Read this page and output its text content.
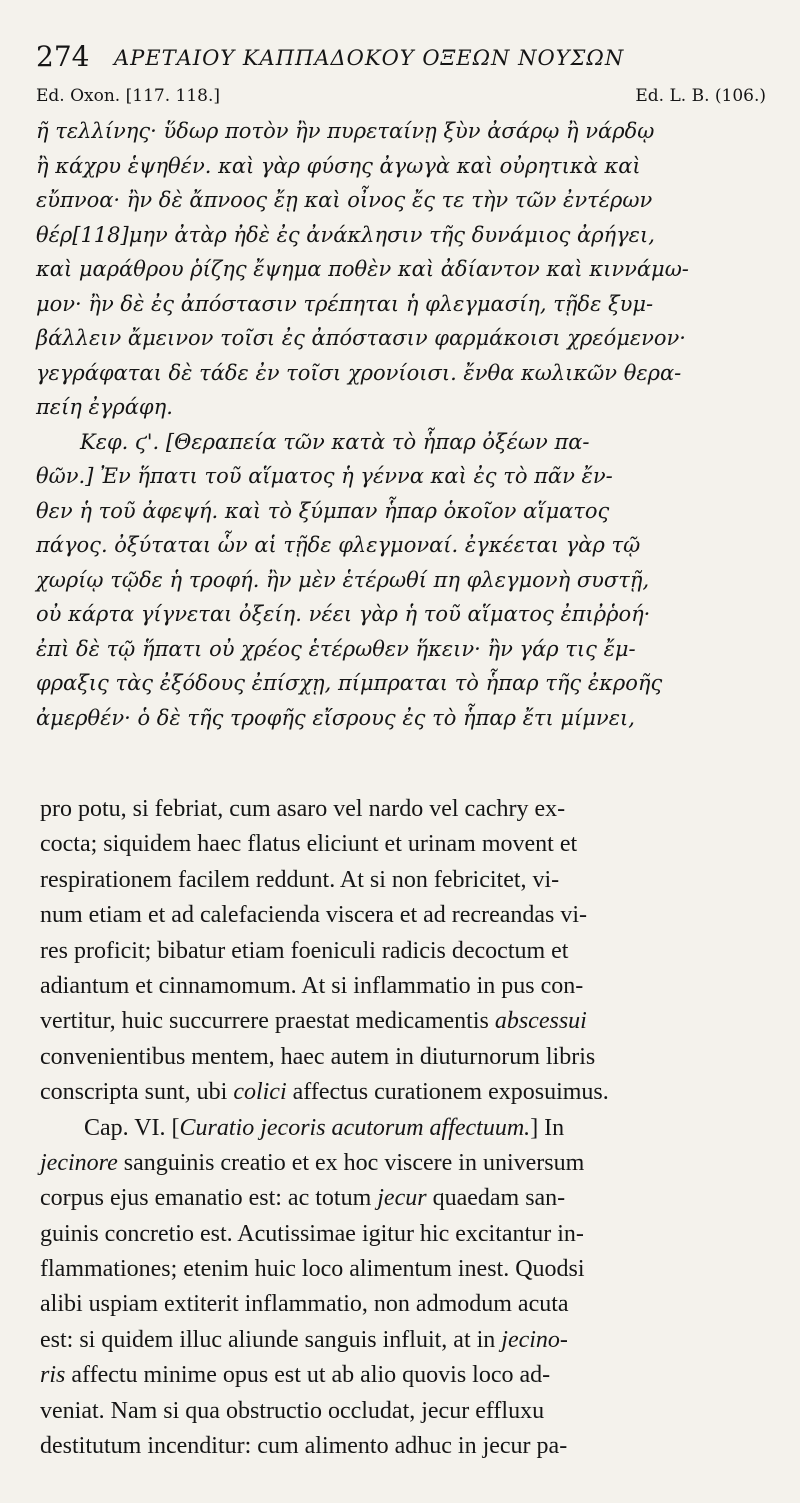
274 ΑΡΕΤΑΙΟΥ ΚΑΠΠΑΔΟΚΟΥ ΟΞΕΩΝ ΝΟΥΣΩΝ
Ed. Oxon. [117. 118.]	Ed. L. B. (106.)
ῆ τελλίνης· ὕδωρ ποτὸν ἢν πυρεταίνῃ ξὺν ἀσάρῳ ἢ νάρδῳ
ἢ κάχρυ ἑψηθέν. καὶ γὰρ φύσης ἀγωγὰ καὶ οὐρητικὰ καὶ
εὔπνοα· ἢν δὲ ἄπνοος ἔῃ καὶ οἶνος ἔς τε τὴν τῶν ἐντέρων
θέρ[118]μην ἀτὰρ ἠδὲ ἐς ἀνάκλησιν τῆς δυνάμιος ἀρήγει,
καὶ μαράθρου ῥίζης ἔψημα ποθὲν καὶ ἀδίαντον καὶ κιννάμω-
μον· ἢν δὲ ἐς ἀπόστασιν τρέπηται ἡ φλεγμασίη, τῇδε ξυμ-
βάλλειν ἄμεινον τοῖσι ἐς ἀπόστασιν φαρμάκοισι χρεόμενον·
γεγράφαται δὲ τάδε ἐν τοῖσι χρονίοισι. ἔνθα κωλικῶν θερα-
πείη ἐγράφη.
Κεφ. ϛ'. [Θεραπεία τῶν κατὰ τὸ ἧπαρ ὀξέων πα-
θῶν.] Ἐν ἥπατι τοῦ αἵματος ἡ γέννα καὶ ἐς τὸ πᾶν ἔν-
θεν ἡ τοῦ ἀφεψή. καὶ τὸ ξύμπαν ἧπαρ ὁκοῖον αἵματος
πάγος. ὀξύταται ὧν αἱ τῇδε φλεγμοναί. ἐγκέεται γὰρ τῷ
χωρίῳ τῷδε ἡ τροφή. ἢν μὲν ἑτέρωθί πη φλεγμονὴ συστῇ,
οὐ κάρτα γίγνεται ὀξείη. νέει γὰρ ἡ τοῦ αἵματος ἐπιῤῥοή·
ἐπὶ δὲ τῷ ἥπατι οὐ χρέος ἑτέρωθεν ἥκειν· ἢν γάρ τις ἔμ-
φραξις τὰς ἐξόδους ἐπίσχῃ, πίμπραται τὸ ἧπαρ τῆς ἐκροῆς
ἀμερθέν· ὁ δὲ τῆς τροφῆς εἴσρους ἐς τὸ ἧπαρ ἔτι μίμνει,
pro potu, si febriat, cum asaro vel nardo vel cachry ex-
cocta; siquidem haec flatus eliciunt et urinam movent et
respirationem facilem reddunt. At si non febricitet, vi-
num etiam et ad calefacienda viscera et ad recreandas vi-
res proficit; bibatur etiam foeniculi radicis decoctum et
adiantum et cinnamomum. At si inflammatio in pus con-
vertitur, huic succurrere praestat medicamentis abscessui
convenientibus mentem, haec autem in diuturnorum libris
conscripta sunt, ubi colici affectus curationem exposuimus.
Cap. VI. [Curatio jecoris acutorum affectuum.] In
jecinore sanguinis creatio et ex hoc viscere in universum
corpus ejus emanatio est: ac totum jecur quaedam san-
guinis concretio est. Acutissimae igitur hic excitantur in-
flammationes; etenim huic loco alimentum inest. Quodsi
alibi uspiam extiterit inflammatio, non admodum acuta
est: si quidem illuc aliunde sanguis influit, at in jecino-
ris affectu minime opus est ut ab alio quovis loco ad-
veniat. Nam si qua obstructio occludat, jecur effluxu
destitutum incenditur: cum alimento adhuc in jecur pa-
